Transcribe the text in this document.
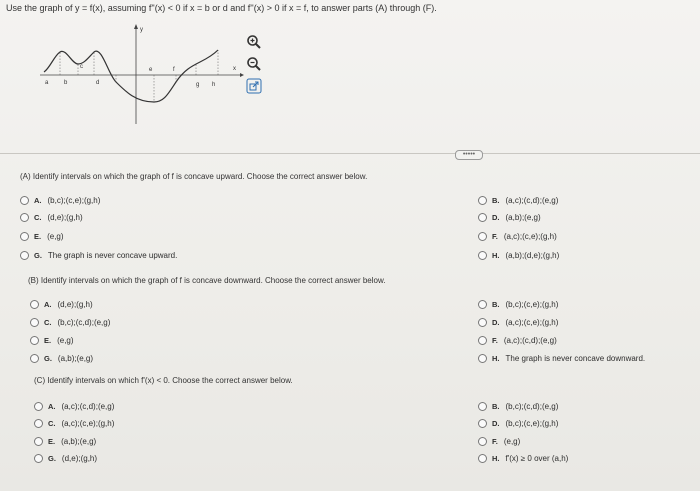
Use the graph of y = f(x), assuming f''(x) < 0 if x = b or d and f''(x) > 0 if x = f, to answer parts (A) through (F).
y
x
a	b
c
d
e	f
g h
•••••
(A) Identify intervals on which the graph of f is concave upward. Choose the correct answer below.
A. (b,c);(c,e);(g,h)	B. (a,c);(c,d);(e,g)
C. (d,e);(g,h)	D. (a,b);(e,g)
E. (e,g)	F. (a,c);(c,e);(g,h)
G. The graph is never concave upward.	H. (a,b);(d,e);(g,h)
(B) Identify intervals on which the graph of f is concave downward. Choose the correct answer below.
A. (d,e);(g,h)	B. (b,c);(c,e);(g,h)
C. (b,c);(c,d);(e,g)	D. (a,c);(c,e);(g,h)
E. (e,g)	F. (a,c);(c,d);(e,g)
G. (a,b);(e,g)	H. The graph is never concave downward.
(C) Identify intervals on which f'(x) < 0. Choose the correct answer below.
A. (a,c);(c,d);(e,g)	B. (b,c);(c,d);(e,g)
C. (a,c);(c,e);(g,h)	D. (b,c);(c,e);(g,h)
E. (a,b);(e,g)	F. (e,g)
G. (d,e);(g,h)	H. f'(x) ≥ 0 over (a,h)
